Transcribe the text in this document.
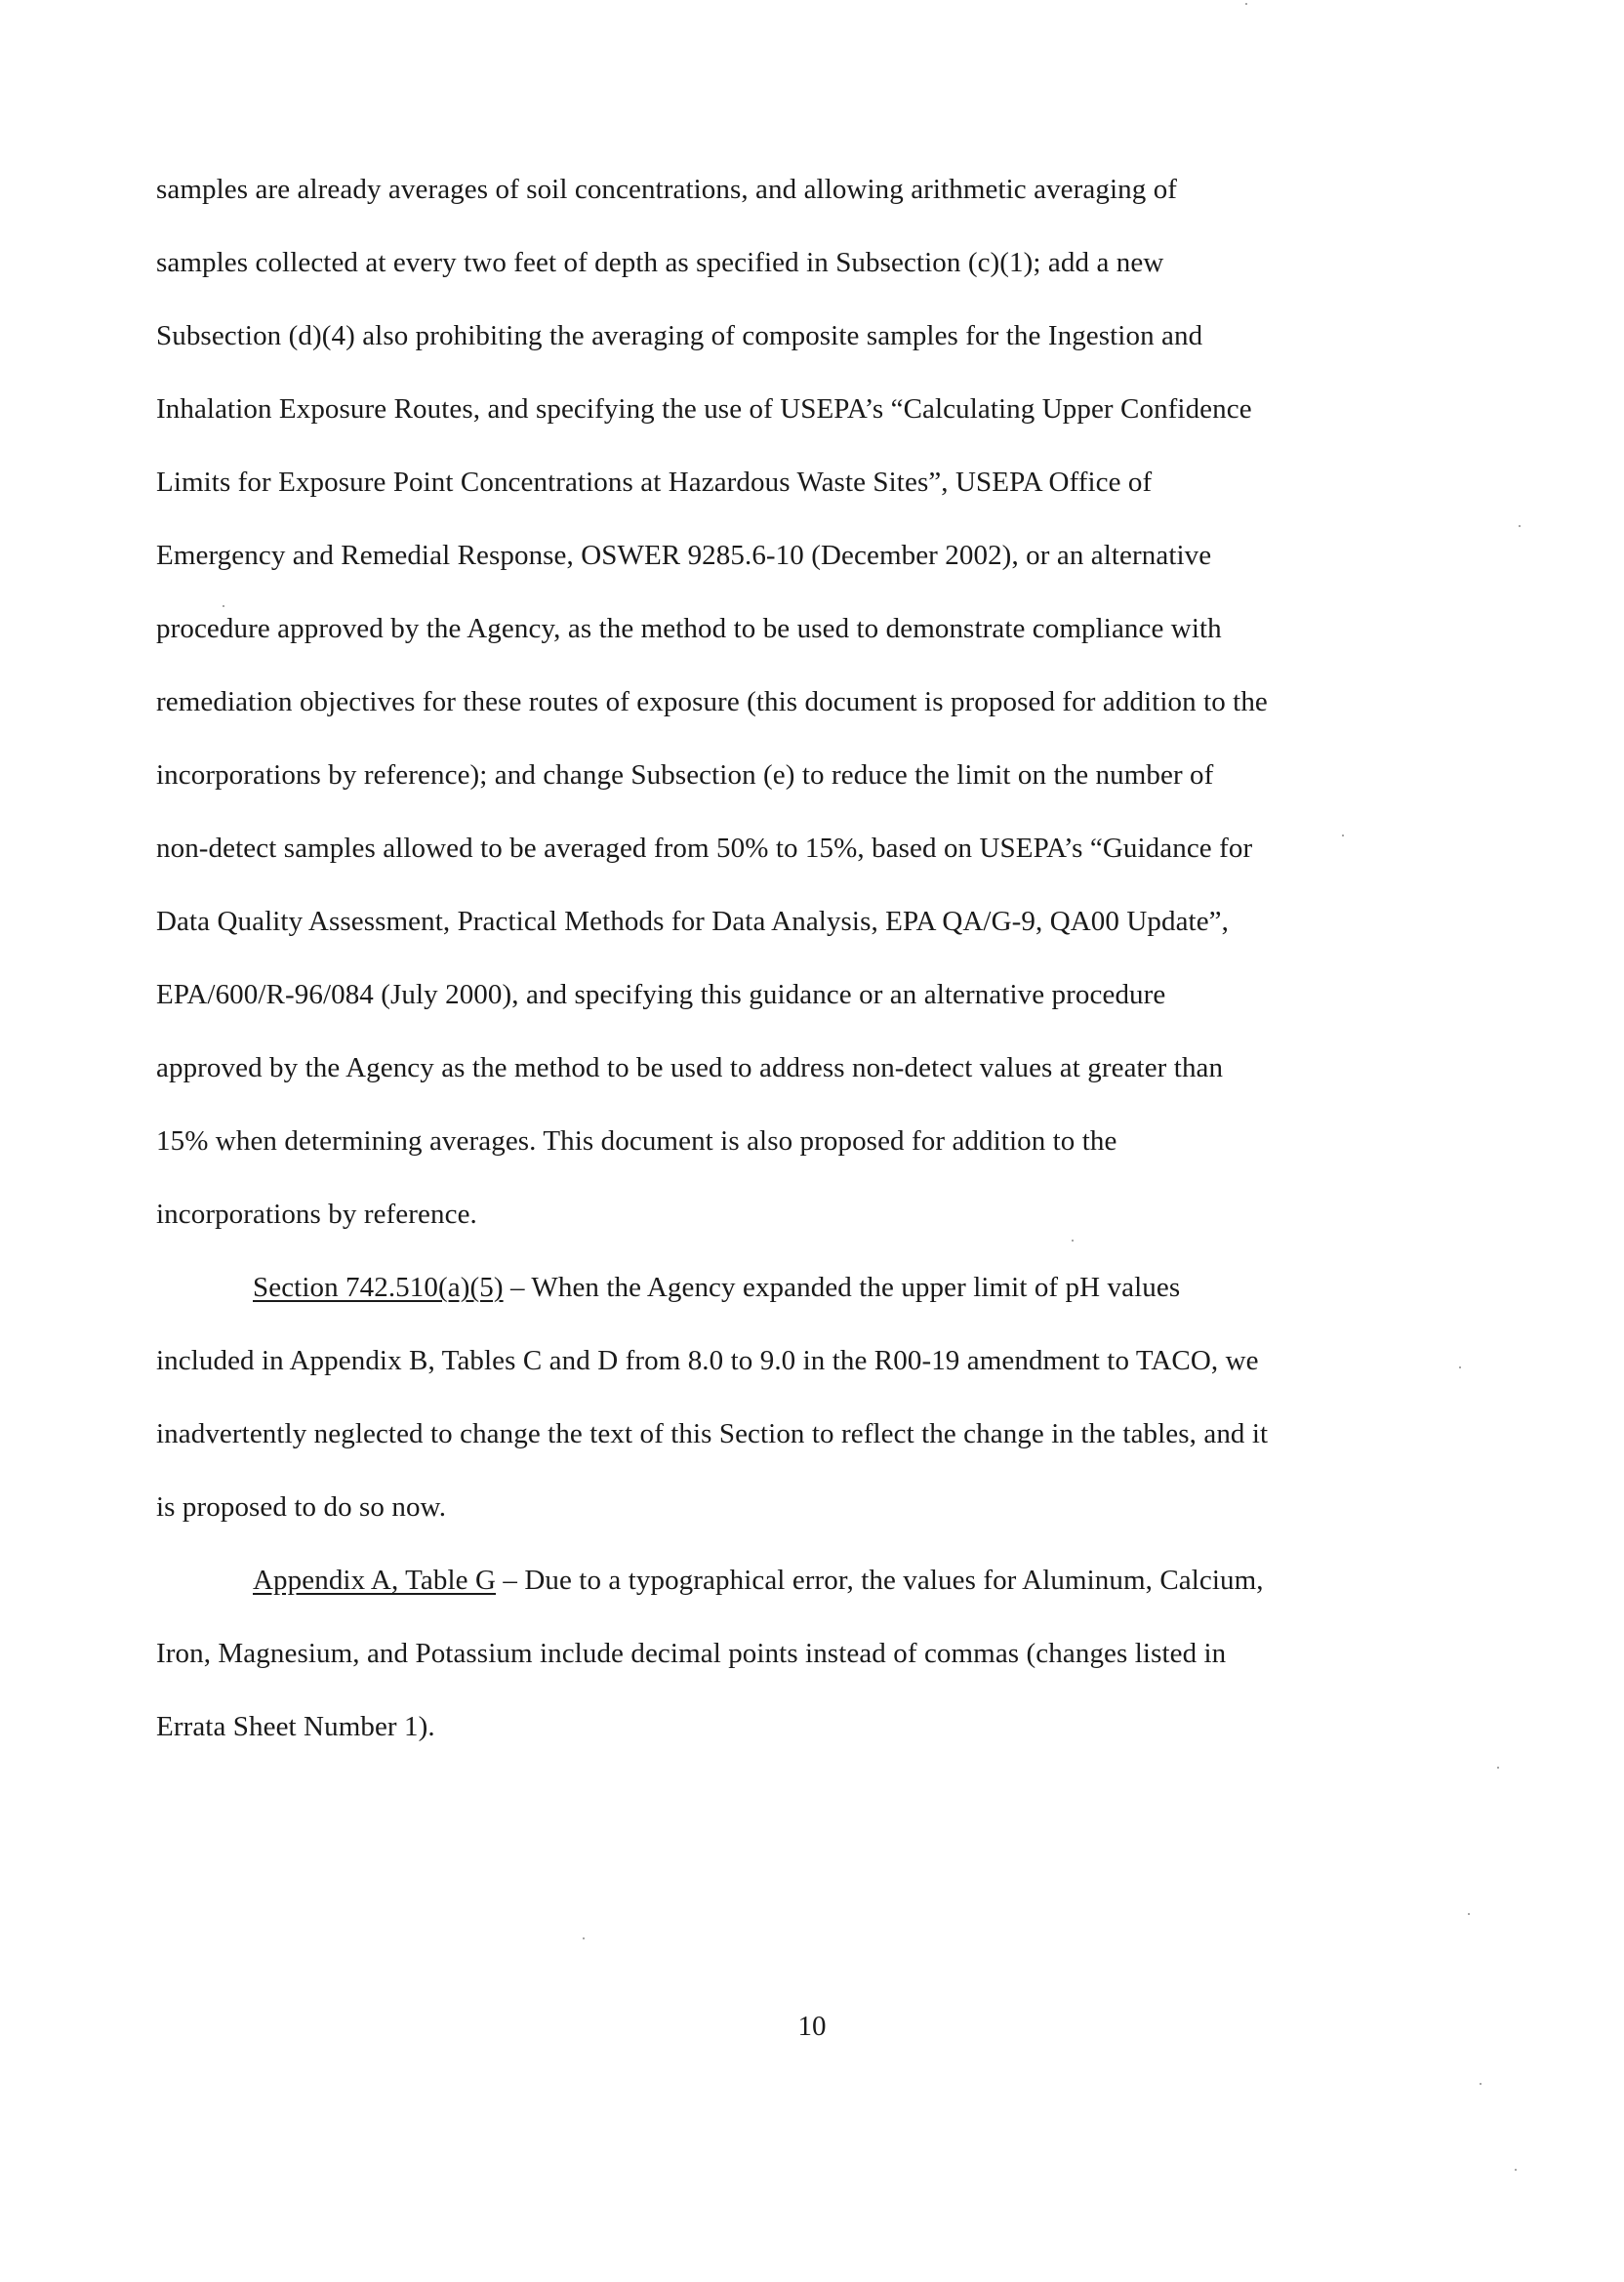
samples are already averages of soil concentrations, and allowing arithmetic averaging of
samples collected at every two feet of depth as specified in Subsection (c)(1); add a new
Subsection (d)(4) also prohibiting the averaging of composite samples for the Ingestion and
Inhalation Exposure Routes, and specifying the use of USEPA’s “Calculating Upper Confidence
Limits for Exposure Point Concentrations at Hazardous Waste Sites”, USEPA Office of
Emergency and Remedial Response, OSWER 9285.6-10 (December 2002), or an alternative
procedure approved by the Agency, as the method to be used to demonstrate compliance with
remediation objectives for these routes of exposure (this document is proposed for addition to the
incorporations by reference); and change Subsection (e) to reduce the limit on the number of
non-detect samples allowed to be averaged from 50% to 15%, based on USEPA’s “Guidance for
Data Quality Assessment, Practical Methods for Data Analysis, EPA QA/G-9, QA00 Update”,
EPA/600/R-96/084 (July 2000), and specifying this guidance or an alternative procedure
approved by the Agency as the method to be used to address non-detect values at greater than
15% when determining averages. This document is also proposed for addition to the
incorporations by reference.
Section 742.510(a)(5) – When the Agency expanded the upper limit of pH values
included in Appendix B, Tables C and D from 8.0 to 9.0 in the R00-19 amendment to TACO, we
inadvertently neglected to change the text of this Section to reflect the change in the tables, and it
is proposed to do so now.
Appendix A, Table G – Due to a typographical error, the values for Aluminum, Calcium,
Iron, Magnesium, and Potassium include decimal points instead of commas (changes listed in
Errata Sheet Number 1).
10
